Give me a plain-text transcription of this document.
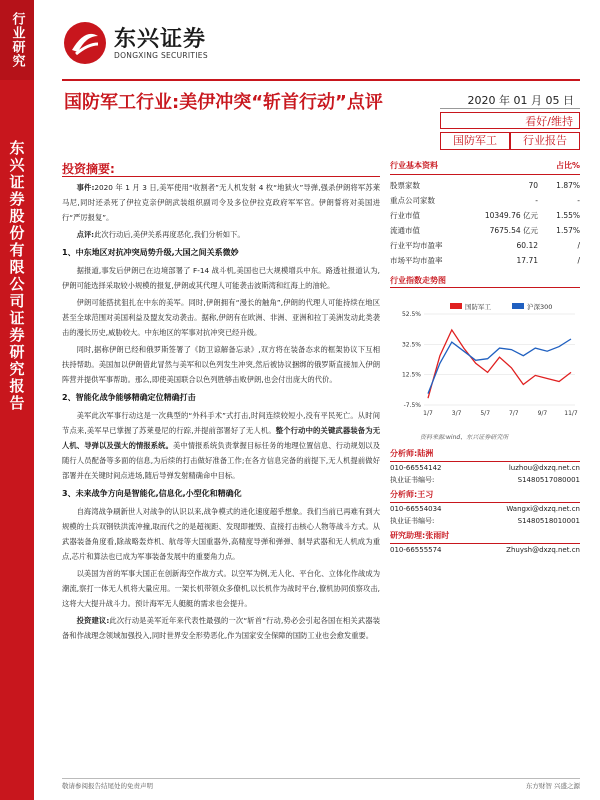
行业研究
东兴证券股份有限公司证券研究报告
东兴证券
DONGXING SECURITIES
国防军工行业:美伊冲突“斩首行动”点评	2020 年 01 月 05 日
看好/维持
国防军工	行业报告
投资摘要:

事件:2020 年 1 月 3 日,美军使用“收割者”无人机发射 4 枚“地狱火”导弹,强杀伊朗将军苏莱马尼,同时还杀死了伊拉克亲伊朗武装组织副司令及多位伊拉克政府军军官。伊朗誓将对美国进行“严厉报复”。

点评:此次行动后,美伊关系再度恶化,我们分析如下。

1、中东地区对抗冲突局势升级,大国之间关系微妙

据报道,事发后伊朗已在边境部署了 F-14 战斗机,美国也已大规模增兵中东。路透社报道认为,伊朗可能选择采取较小规模的报复,伊朗或其代理人可能袭击波斯湾和红海上的油轮。

伊朗可能搭扰狙扎在中东的美军。同时,伊朗拥有“漫长的触角”,伊朗的代理人可能持续在地区甚至全球范围对美国利益及盟友发动袭击。据称,伊朗有在欧洲、非洲、亚洲和拉丁美洲发动此类袭击的漫长历史,威胁较大。中东地区的军事对抗冲突已经升级。

同时,据称伊朗已经和俄罗斯签署了《防卫谅解备忘录》,双方将在装备态求的框架协议下互相扶持帮助。美国加以伊朗借此冒然与美军和以色列发生冲突,然后被协议捆绑的俄罗斯直接加入伊朗阵营并提供军事帮助。那么,即使美国联合以色列胜够击败伊朗,也会付出庞大的代价。

2、智能化战争能够精确定位精确打击

美军此次军事行动这是一次典型的“外科手术”式打击,时间连续较短小,没有平民死亡。从时间节点来,美军早已掌握了苏莱曼尼的行踪,并提前部署好了无人机。整个行动中的关键武器装备为无人机、导弹以及强大的情报系统。美中情报系统负责掌握目标任务的地理位置信息、行动规划以及随行人员配备等多面的信息,为后续的打击做好准备工作;在各方信息完备的前提下,无人机提前做好部署并在关键时间点进场,随后导弹发射精确命中目标。

3、未来战争方向是智能化,信息化,小型化和精确化

自海湾战争刷新世人对战争的认识以来,战争模式的进化速度超乎想象。我们当前已再难有到大规模的士兵双钢铁洪流冲撞,取而代之的是超视距、发现即摧毁、直接打击核心人物等战斗方式。从武器装备角度看,除战略轰炸机、航母等大国重器外,高精度导弹和弹弹、制导武器和无人机成为重点,芯片和算法也已成为军事装备发展中的重要角力点。

以美国为首的军事大国正在创新海空作战方式。以空军为例,无人化、平台化、立体化作战成为潮流,察打一体无人机将大量应用。一架长机带领众多僚机,以长机作为战时平台,僚机协同侦察攻击,这将大大提升战斗力。预计海军无人艇艇的需求也会提升。

投资建议:此次行动是美军近年来代表性最强的一次“斩首”行动,势必会引起各国在相关武器装备和作战理念领域加强投入,同时世界安全形势恶化,作为国家安全保障的国防工业也会愈发重要。

行业基本资料	占比%
股票家数	70	1.87%
重点公司家数	-	-
行业市值	10349.76 亿元	1.55%
流通市值	7675.54 亿元	1.57%
行业平均市盈率	60.12	/
市场平均市盈率	17.71	/
行业指数走势图
国防军工	沪深300
52.5%
32.5%
12.5%
-7.5%
1/7	3/7	5/7	7/7	9/7	11/7
资料来源:wind、东兴证券研究所
分析师:陆洲
010-66554142	luzhou@dxzq.net.cn
执业证书编号:	S1480517080001
分析师:王习
010-66554034	Wangxi@dxzq.net.cn
执业证书编号:	S1480518010001
研究助理:张雨时
010-66555574	Zhuysh@dxzq.net.cn
敬请参阅报告结尾处的免责声明	东方财智 兴盛之源
